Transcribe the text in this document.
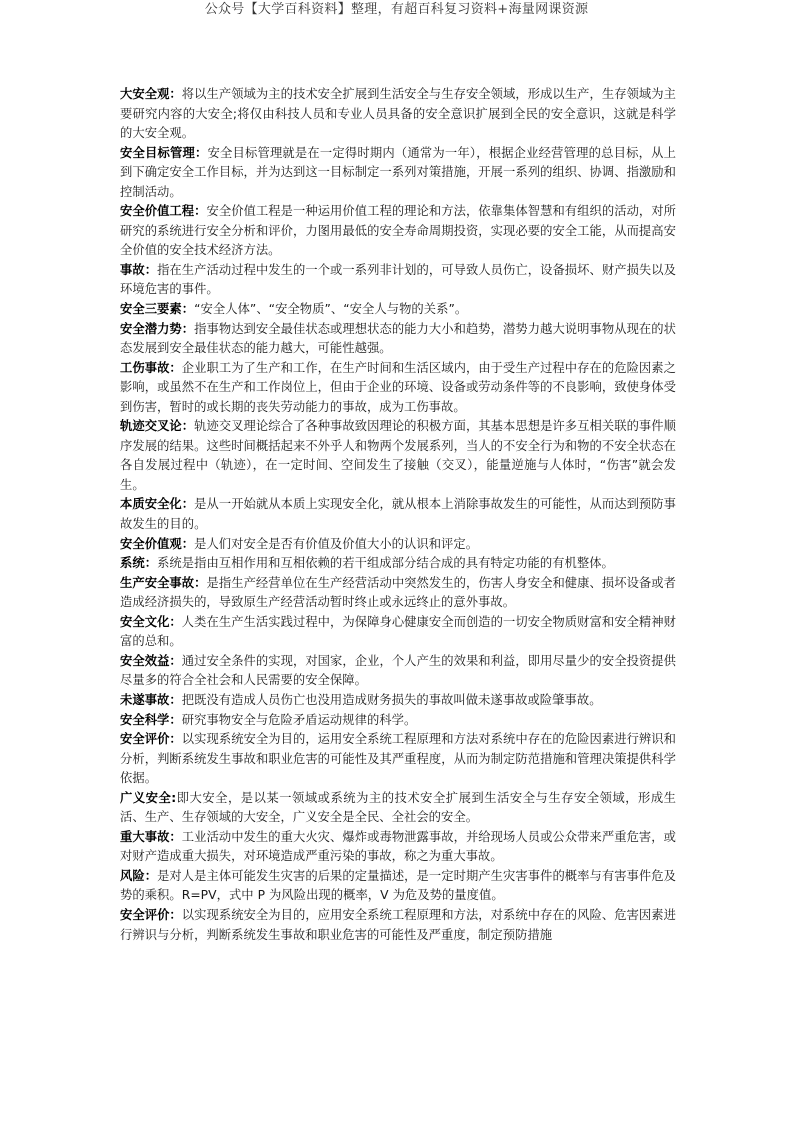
公众号【大学百科资料】整理，有超百科复习资料+海量网课资源

大安全观：将以生产领域为主的技术安全扩展到生活安全与生存安全领域，形成以生产，生存领域为主要研究内容的大安全;将仅由科技人员和专业人员具备的安全意识扩展到全民的安全意识，这就是科学的大安全观。

安全目标管理：安全目标管理就是在一定得时期内（通常为一年），根据企业经营管理的总目标，从上到下确定安全工作目标，并为达到这一目标制定一系列对策措施，开展一系列的组织、协调、指激励和控制活动。

安全价值工程：安全价值工程是一种运用价值工程的理论和方法，依靠集体智慧和有组织的活动，对所研究的系统进行安全分析和评价，力图用最低的安全寿命周期投资，实现必要的安全工能，从而提高安全价值的安全技术经济方法。

事故：指在生产活动过程中发生的一个或一系列非计划的，可导致人员伤亡，设备损坏、财产损失以及环境危害的事件。

安全三要素：“安全人体”、“安全物质”、“安全人与物的关系”。

安全潜力势：指事物达到安全最佳状态或理想状态的能力大小和趋势，潜势力越大说明事物从现在的状态发展到安全最佳状态的能力越大，可能性越强。

工伤事故：企业职工为了生产和工作，在生产时间和生活区域内，由于受生产过程中存在的危险因素之影响，或虽然不在生产和工作岗位上，但由于企业的环境、设备或劳动条件等的不良影响，致使身体受到伤害，暂时的或长期的丧失劳动能力的事故，成为工伤事故。

轨迹交叉论：轨迹交叉理论综合了各种事故致因理论的积极方面，其基本思想是许多互相关联的事件顺序发展的结果。这些时间概括起来不外乎人和物两个发展系列，当人的不安全行为和物的不安全状态在各自发展过程中（轨迹），在一定时间、空间发生了接触（交叉），能量逆施与人体时，“伤害”就会发生。

本质安全化：是从一开始就从本质上实现安全化，就从根本上消除事故发生的可能性，从而达到预防事故发生的目的。

安全价值观：是人们对安全是否有价值及价值大小的认识和评定。

系统：系统是指由互相作用和互相依赖的若干组成部分结合成的具有特定功能的有机整体。

生产安全事故：是指生产经营单位在生产经营活动中突然发生的，伤害人身安全和健康、损坏设备或者造成经济损失的，导致原生产经营活动暂时终止或永远终止的意外事故。

安全文化：人类在生产生活实践过程中，为保障身心健康安全而创造的一切安全物质财富和安全精神财富的总和。

安全效益：通过安全条件的实现，对国家，企业，个人产生的效果和利益，即用尽量少的安全投资提供尽量多的符合全社会和人民需要的安全保障。

未遂事故：把既没有造成人员伤亡也没用造成财务损失的事故叫做未遂事故或险肇事故。

安全科学：研究事物安全与危险矛盾运动规律的科学。

安全评价：以实现系统安全为目的，运用安全系统工程原理和方法对系统中存在的危险因素进行辨识和分析，判断系统发生事故和职业危害的可能性及其严重程度，从而为制定防范措施和管理决策提供科学依据。

广义安全:即大安全，是以某一领域或系统为主的技术安全扩展到生活安全与生存安全领域，形成生活、生产、生存领域的大安全，广义安全是全民、全社会的安全。

重大事故：工业活动中发生的重大火灾、爆炸或毒物泄露事故，并给现场人员或公众带来严重危害，或对财产造成重大损失，对环境造成严重污染的事故，称之为重大事故。

风险：是对人是主体可能发生灾害的后果的定量描述，是一定时期产生灾害事件的概率与有害事件危及势的乘积。R=PV，式中 P 为风险出现的概率，V 为危及势的量度值。

安全评价：以实现系统安全为目的，应用安全系统工程原理和方法，对系统中存在的风险、危害因素进行辨识与分析，判断系统发生事故和职业危害的可能性及严重度，制定预防措施
